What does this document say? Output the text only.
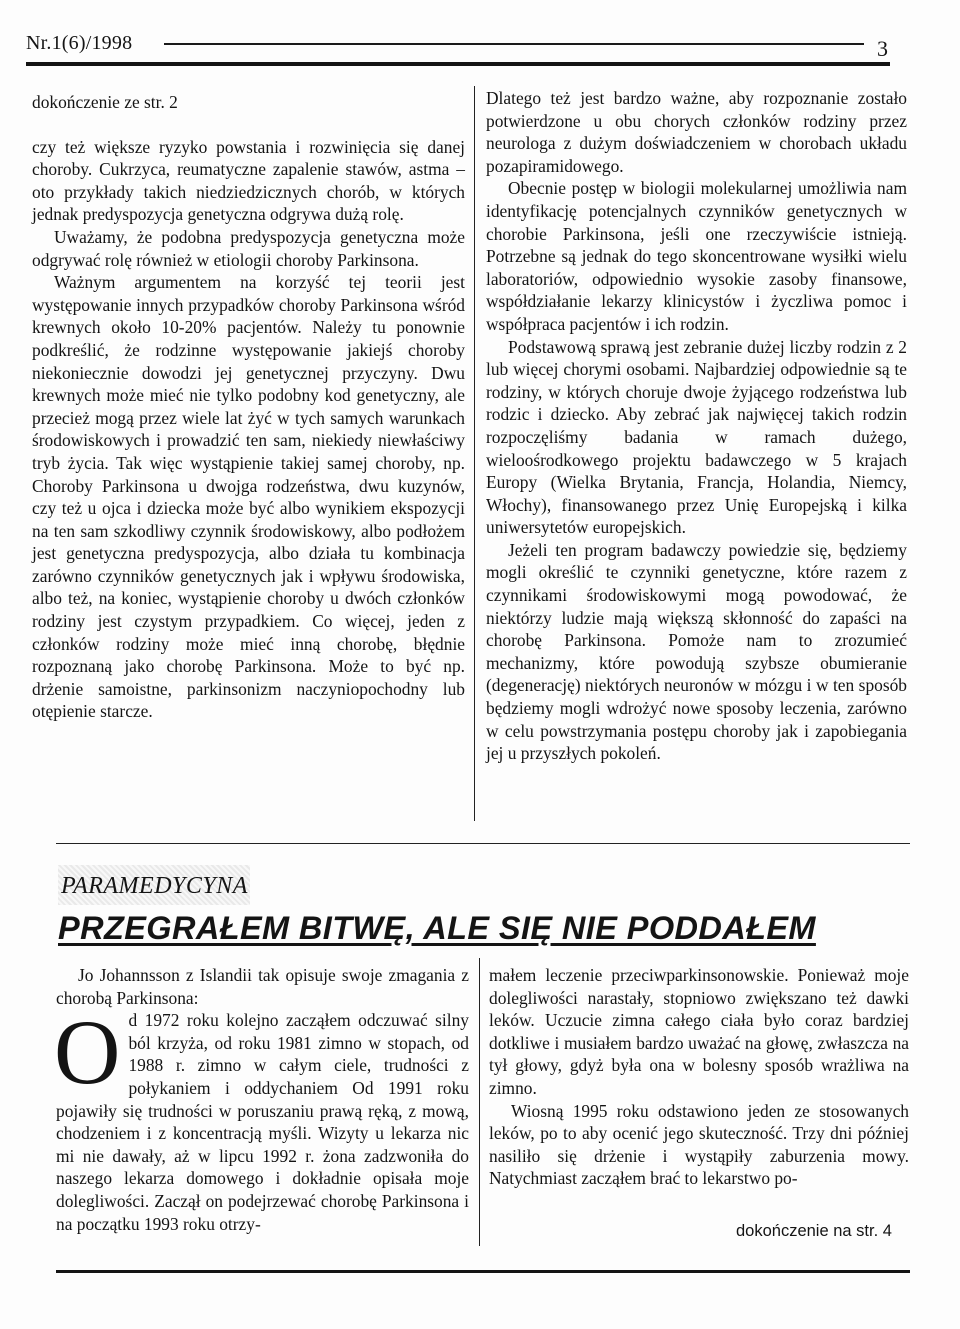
Nr.1(6)/1998	3

dokończenie ze str. 2

czy też większe ryzyko powstania i rozwinięcia się danej choroby. Cukrzyca, reumatyczne zapalenie stawów, astma – oto przykłady takich niedziedzicznych chorób, w których jednak predyspozycja genetyczna odgrywa dużą rolę.

Uważamy, że podobna predyspozycja genetyczna może odgrywać rolę również w etiologii choroby Parkinsona.

Ważnym argumentem na korzyść tej teorii jest występowanie innych przypadków choroby Parkinsona wśród krewnych około 10-20% pacjentów. Należy tu ponownie podkreślić, że rodzinne występowanie jakiejś choroby niekoniecznie dowodzi jej genetycznej przyczyny. Dwu krewnych może mieć nie tylko podobny kod genetyczny, ale przecież mogą przez wiele lat żyć w tych samych warunkach środowiskowych i prowadzić ten sam, niekiedy niewłaściwy tryb życia. Tak więc wystąpienie takiej samej choroby, np. Choroby Parkinsona u dwojga rodzeństwa, dwu kuzynów, czy też u ojca i dziecka może być albo wynikiem ekspozycji na ten sam szkodliwy czynnik środowiskowy, albo podłożem jest genetyczna predyspozycja, albo działa tu kombinacja zarówno czynników genetycznych jak i wpływu środowiska, albo też, na koniec, wystąpienie choroby u dwóch członków rodziny jest czystym przypadkiem. Co więcej, jeden z członków rodziny może mieć inną chorobę, błędnie rozpoznaną jako chorobę Parkinsona. Może to być np. drżenie samoistne, parkinsonizm naczyniopochodny lub otępienie starcze.

Dlatego też jest bardzo ważne, aby rozpoznanie zostało potwierdzone u obu chorych członków rodziny przez neurologa z dużym doświadczeniem w chorobach układu pozapiramidowego.

Obecnie postęp w biologii molekularnej umożliwia nam identyfikację potencjalnych czynników genetycznych w chorobie Parkinsona, jeśli one rzeczywiście istnieją. Potrzebne są jednak do tego skoncentrowane wysiłki wielu laboratoriów, odpowiednio wysokie zasoby finansowe, współdziałanie lekarzy klinicystów i życzliwa pomoc i współpraca pacjentów i ich rodzin.

Podstawową sprawą jest zebranie dużej liczby rodzin z 2 lub więcej chorymi osobami. Najbardziej odpowiednie są te rodziny, w których choruje dwoje żyjącego rodzeństwa lub rodzic i dziecko. Aby zebrać jak najwięcej takich rodzin rozpoczęliśmy badania w ramach dużego, wieloośrodkowego projektu badawczego w 5 krajach Europy (Wielka Brytania, Francja, Holandia, Niemcy, Włochy), finansowanego przez Unię Europejską i kilka uniwersytetów europejskich.

Jeżeli ten program badawczy powiedzie się, będziemy mogli określić te czynniki genetyczne, które razem z czynnikami środowiskowymi mogą powodować, że niektórzy ludzie mają większą skłonność do zapaści na chorobę Parkinsona. Pomoże nam to zrozumieć mechanizmy, które powodują szybsze obumieranie (degenerację) niektórych neuronów w mózgu i w ten sposób będziemy mogli wdrożyć nowe sposoby leczenia, zarówno w celu powstrzymania postępu choroby jak i zapobiegania jej u przyszłych pokoleń.

PARAMEDYCYNA
PRZEGRAŁEM BITWĘ, ALE SIĘ NIE PODDAŁEM

Jo Johannsson z Islandii tak opisuje swoje zmagania z chorobą Parkinsona:

Od 1972 roku kolejno zacząłem odczuwać silny ból krzyża, od roku 1981 zimno w stopach, od 1988 r. zimno w całym ciele, trudności z połykaniem i oddychaniem Od 1991 roku pojawiły się trudności w poruszaniu prawą ręką, z mową, chodzeniem i z koncentracją myśli. Wizyty u lekarza nic mi nie dawały, aż w lipcu 1992 r. żona zadzwoniła do naszego lekarza domowego i dokładnie opisała moje dolegliwości. Zaczął on podejrzewać chorobę Parkinsona i na początku 1993 roku otrzy-

małem leczenie przeciwparkinsonowskie. Ponieważ moje dolegliwości narastały, stopniowo zwiększano też dawki leków. Uczucie zimna całego ciała było coraz bardziej dotkliwe i musiałem bardzo uważać na głowę, zwłaszcza na tył głowy, gdyż była ona w bolesny sposób wrażliwa na zimno.

Wiosną 1995 roku odstawiono jeden ze stosowanych leków, po to aby ocenić jego skuteczność. Trzy dni później nasiliło się drżenie i wystąpiły zaburzenia mowy. Natychmiast zacząłem brać to lekarstwo po-

dokończenie na str. 4
